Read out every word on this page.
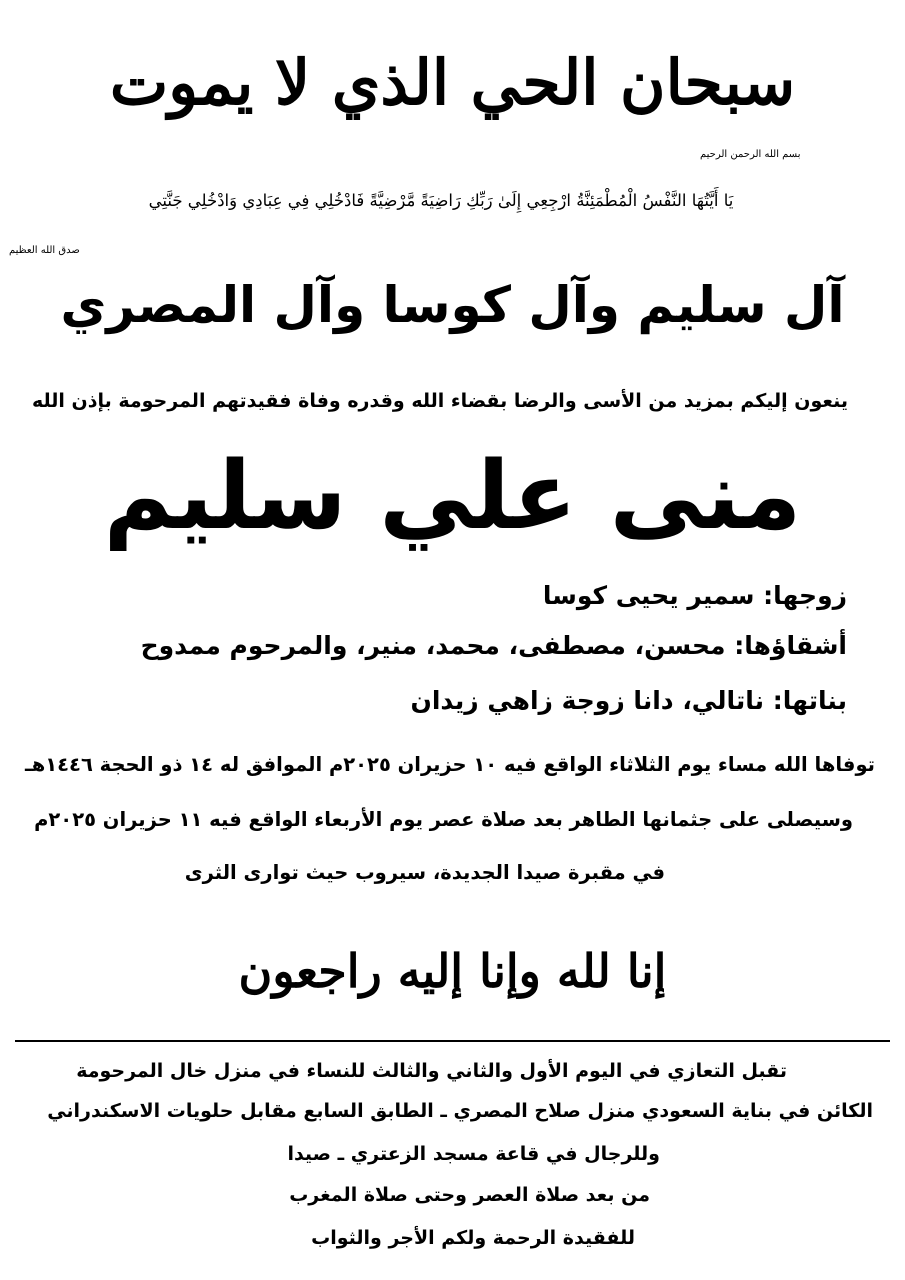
سبحان الحي الذي لا يموت
بسم الله الرحمن الرحيم
يَا أَيَّتُهَا النَّفْسُ الْمُطْمَئِنَّةُ ارْجِعِي إِلَىٰ رَبِّكِ رَاضِيَةً مَّرْضِيَّةً فَادْخُلِي فِي عِبَادِي وَادْخُلِي جَنَّتِي
صدق الله العظيم
آل سليم وآل كوسا وآل المصري
ينعون إليكم بمزيد من الأسى والرضا بقضاء الله وقدره وفاة فقيدتهم المرحومة بإذن الله
منى علي سليم
زوجها: سمير يحيى كوسا
أشقاؤها: محسن، مصطفى، محمد، منير، والمرحوم ممدوح
بناتها: ناتالي، دانا زوجة زاهي زيدان
توفاها الله مساء يوم الثلاثاء الواقع فيه ١٠ حزيران ٢٠٢٥م الموافق له ١٤ ذو الحجة ١٤٤٦هـ
وسيصلى على جثمانها الطاهر بعد صلاة عصر يوم الأربعاء الواقع فيه ١١ حزيران ٢٠٢٥م
في مقبرة صيدا الجديدة، سيروب حيث توارى الثرى
إنا لله وإنا إليه راجعون
تقبل التعازي في اليوم الأول والثاني والثالث للنساء في منزل خال المرحومة
الكائن في بناية السعودي منزل صلاح المصري ـ الطابق السابع مقابل حلويات الاسكندراني
وللرجال في قاعة مسجد الزعتري ـ صيدا
من بعد صلاة العصر وحتى صلاة المغرب
للفقيدة الرحمة ولكم الأجر والثواب
